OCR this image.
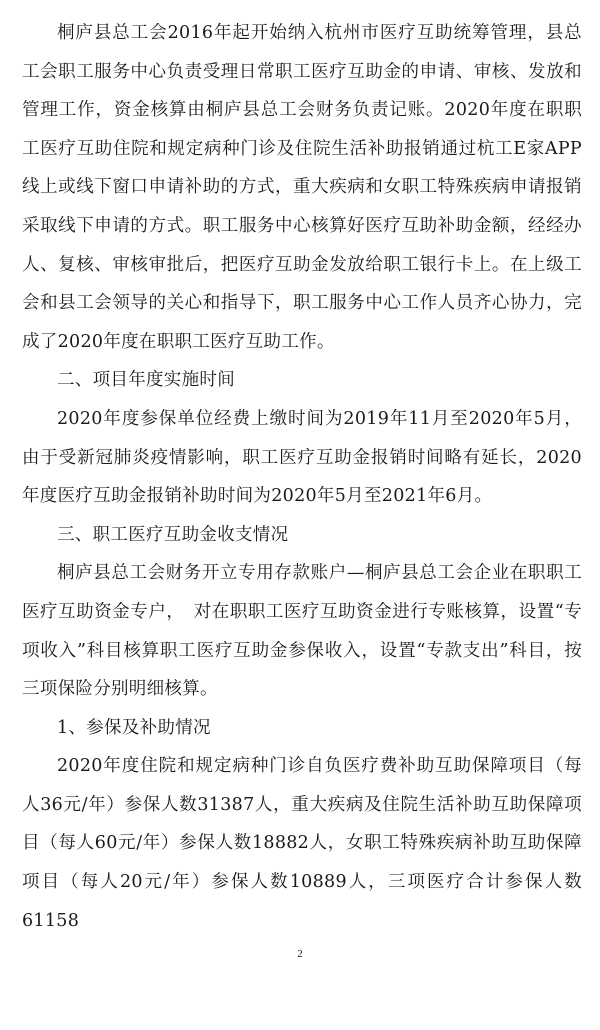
桐庐县总工会2016年起开始纳入杭州市医疗互助统筹管理，县总工会职工服务中心负责受理日常职工医疗互助金的申请、审核、发放和管理工作，资金核算由桐庐县总工会财务负责记账。2020年度在职职工医疗互助住院和规定病种门诊及住院生活补助报销通过杭工E家APP线上或线下窗口申请补助的方式，重大疾病和女职工特殊疾病申请报销采取线下申请的方式。职工服务中心核算好医疗互助补助金额，经经办人、复核、审核审批后，把医疗互助金发放给职工银行卡上。在上级工会和县工会领导的关心和指导下，职工服务中心工作人员齐心协力，完成了2020年度在职职工医疗互助工作。

二、项目年度实施时间

2020年度参保单位经费上缴时间为2019年11月至2020年5月，由于受新冠肺炎疫情影响，职工医疗互助金报销时间略有延长，2020年度医疗互助金报销补助时间为2020年5月至2021年6月。

三、职工医疗互助金收支情况

桐庐县总工会财务开立专用存款账户—桐庐县总工会企业在职职工医疗互助资金专户，　对在职职工医疗互助资金进行专账核算，设置“专项收入”科目核算职工医疗互助金参保收入，设置“专款支出”科目，按三项保险分别明细核算。

1、参保及补助情况

2020年度住院和规定病种门诊自负医疗费补助互助保障项目（每人36元/年）参保人数31387人，重大疾病及住院生活补助互助保障项目（每人60元/年）参保人数18882人，女职工特殊疾病补助互助保障项目（每人20元/年）参保人数10889人，三项医疗合计参保人数61158

2
